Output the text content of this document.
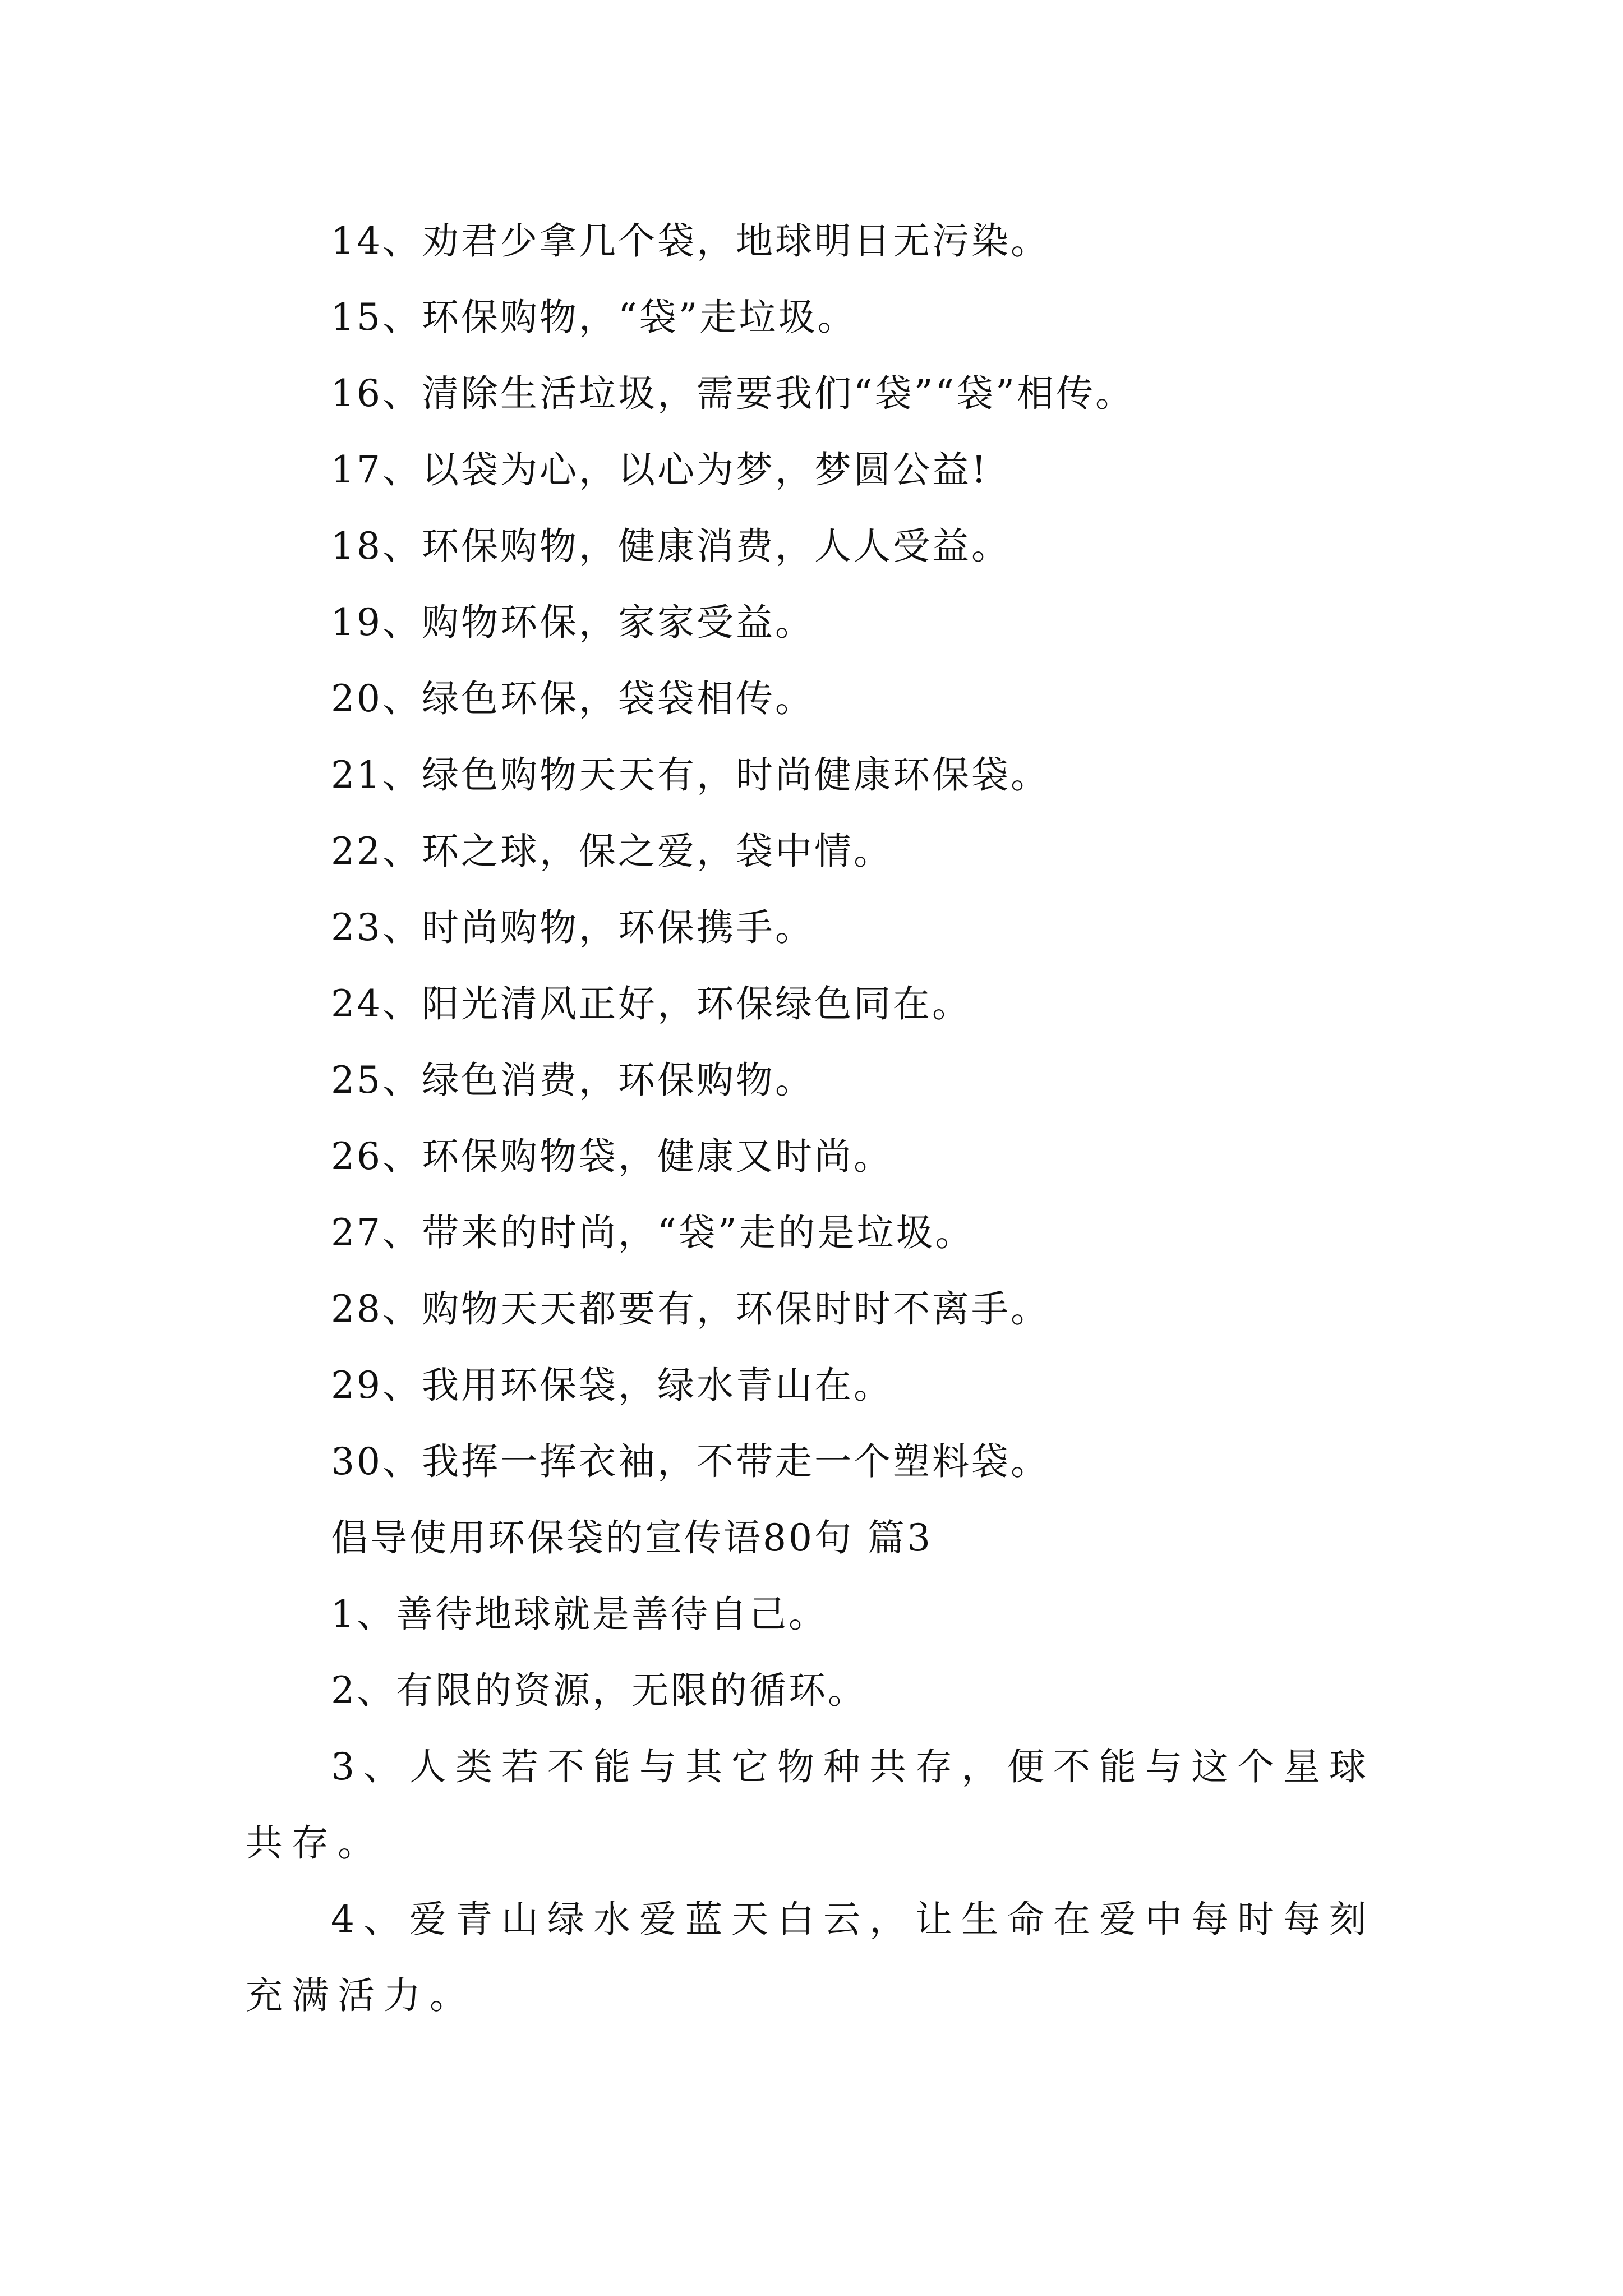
14、劝君少拿几个袋，地球明日无污染。
15、环保购物，“袋”走垃圾。
16、清除生活垃圾，需要我们“袋”“袋”相传。
17、以袋为心，以心为梦，梦圆公益!
18、环保购物，健康消费，人人受益。
19、购物环保，家家受益。
20、绿色环保，袋袋相传。
21、绿色购物天天有，时尚健康环保袋。
22、环之球，保之爱，袋中情。
23、时尚购物，环保携手。
24、阳光清风正好，环保绿色同在。
25、绿色消费，环保购物。
26、环保购物袋，健康又时尚。
27、带来的时尚，“袋”走的是垃圾。
28、购物天天都要有，环保时时不离手。
29、我用环保袋，绿水青山在。
30、我挥一挥衣袖，不带走一个塑料袋。
倡导使用环保袋的宣传语80句 篇3
1、善待地球就是善待自己。
2、有限的资源，无限的循环。

3、人类若不能与其它物种共存，便不能与这个星球共存。

4、爱青山绿水爱蓝天白云，让生命在爱中每时每刻充满活力。
